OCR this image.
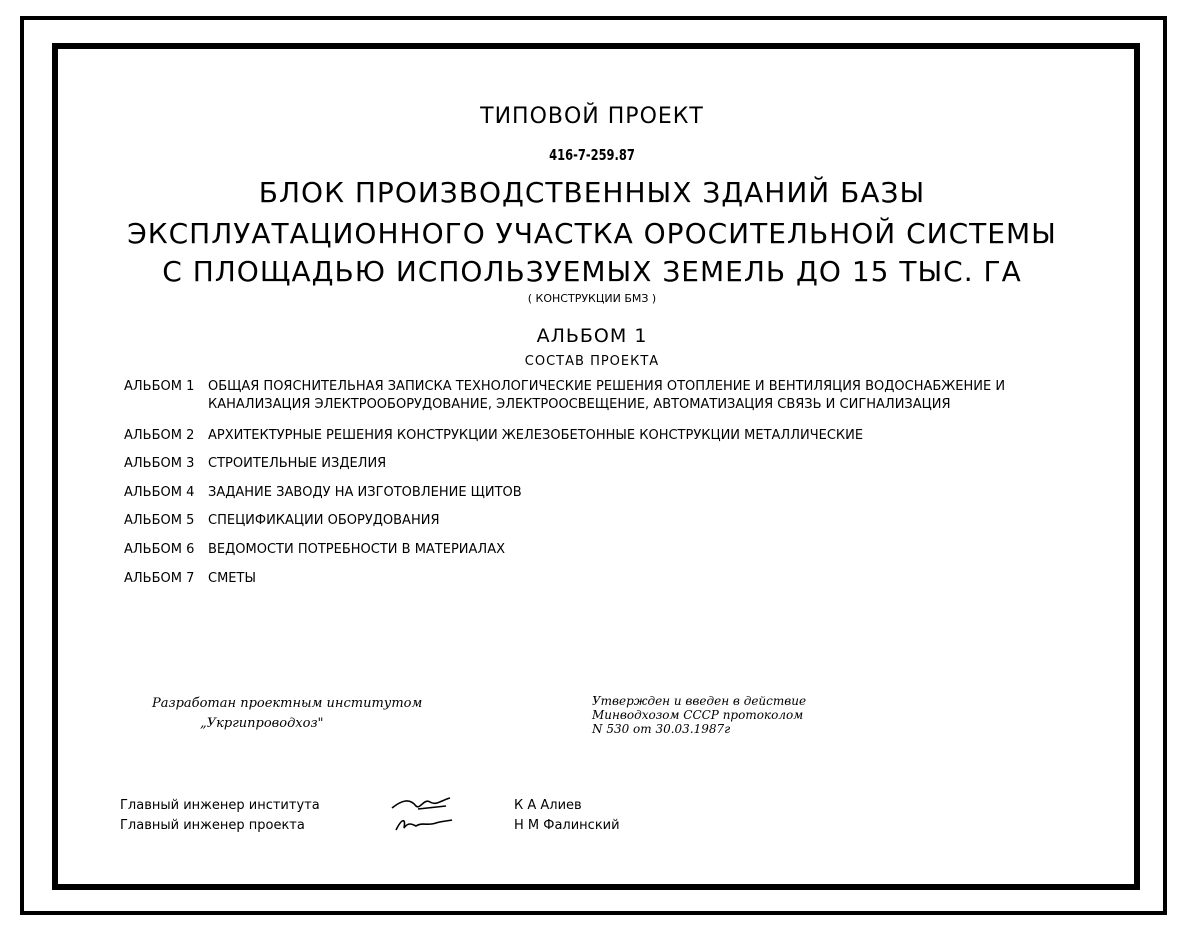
ТИПОВОЙ ПРОЕКТ
416-7-259.87
БЛОК ПРОИЗВОДСТВЕННЫХ ЗДАНИЙ БАЗЫ
ЭКСПЛУАТАЦИОННОГО УЧАСТКА ОРОСИТЕЛЬНОЙ СИСТЕМЫ
С ПЛОЩАДЬЮ ИСПОЛЬЗУЕМЫХ ЗЕМЕЛЬ ДО 15 ТЫС. ГА
( КОНСТРУКЦИИ БМЗ )
АЛЬБОМ 1
СОСТАВ ПРОЕКТА
АЛЬБОМ 1	ОБЩАЯ ПОЯСНИТЕЛЬНАЯ ЗАПИСКА ТЕХНОЛОГИЧЕСКИЕ РЕШЕНИЯ ОТОПЛЕНИЕ И ВЕНТИЛЯЦИЯ ВОДОСНАБЖЕНИЕ И
КАНАЛИЗАЦИЯ ЭЛЕКТРООБОРУДОВАНИЕ, ЭЛЕКТРООСВЕЩЕНИЕ, АВТОМАТИЗАЦИЯ СВЯЗЬ И СИГНАЛИЗАЦИЯ
АЛЬБОМ 2	АРХИТЕКТУРНЫЕ РЕШЕНИЯ КОНСТРУКЦИИ ЖЕЛЕЗОБЕТОННЫЕ КОНСТРУКЦИИ МЕТАЛЛИЧЕСКИЕ
АЛЬБОМ 3	СТРОИТЕЛЬНЫЕ ИЗДЕЛИЯ
АЛЬБОМ 4	ЗАДАНИЕ ЗАВОДУ НА ИЗГОТОВЛЕНИЕ ЩИТОВ
АЛЬБОМ 5	СПЕЦИФИКАЦИИ ОБОРУДОВАНИЯ
АЛЬБОМ 6	ВЕДОМОСТИ ПОТРЕБНОСТИ В МАТЕРИАЛАХ
АЛЬБОМ 7	СМЕТЫ
Разработан проектным институтом
„Укргипроводхоз"
Утвержден и введен в действие
Минводхозом СССР протоколом
N 530 от 30.03.1987г
Главный инженер института	К А Алиев
Главный инженер проекта	Н М Фалинский
